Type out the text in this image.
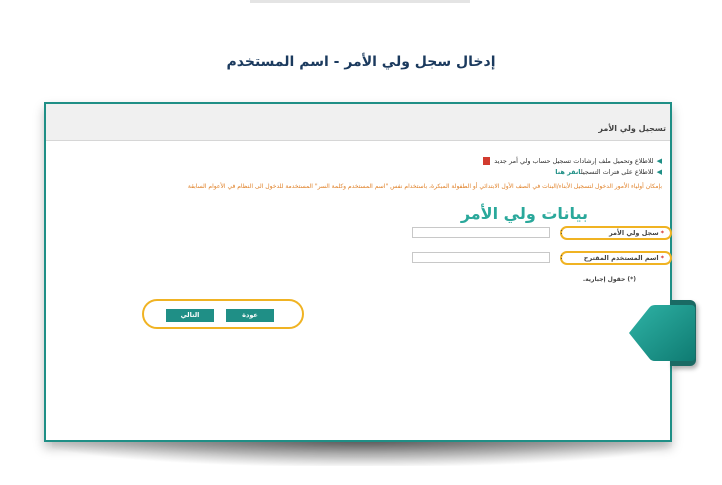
إدخال سجل ولي الأمر - اسم المستخدم
تسجيل ولي الأمر
◀للاطلاع وتحميل ملف إرشادات تسجيل حساب ولي أمر جديد
◀للاطلاع على فترات التسجيلانقر هنا
بإمكان أولياء الأمور الدخول لتسجيل الأبناء/البنات في الصف الأول الابتدائي أو الطفولة المبكرة، باستخدام نفس "اسم المستخدم وكلمة السر" المستخدمة للدخول الى النظام في الأعوام السابقة
بيانات ولي الأمر
*سجل ولي الأمر
:
*اسم المستخدم المقترح
:
(*) حقول إجبارية.
التالي	عودة
